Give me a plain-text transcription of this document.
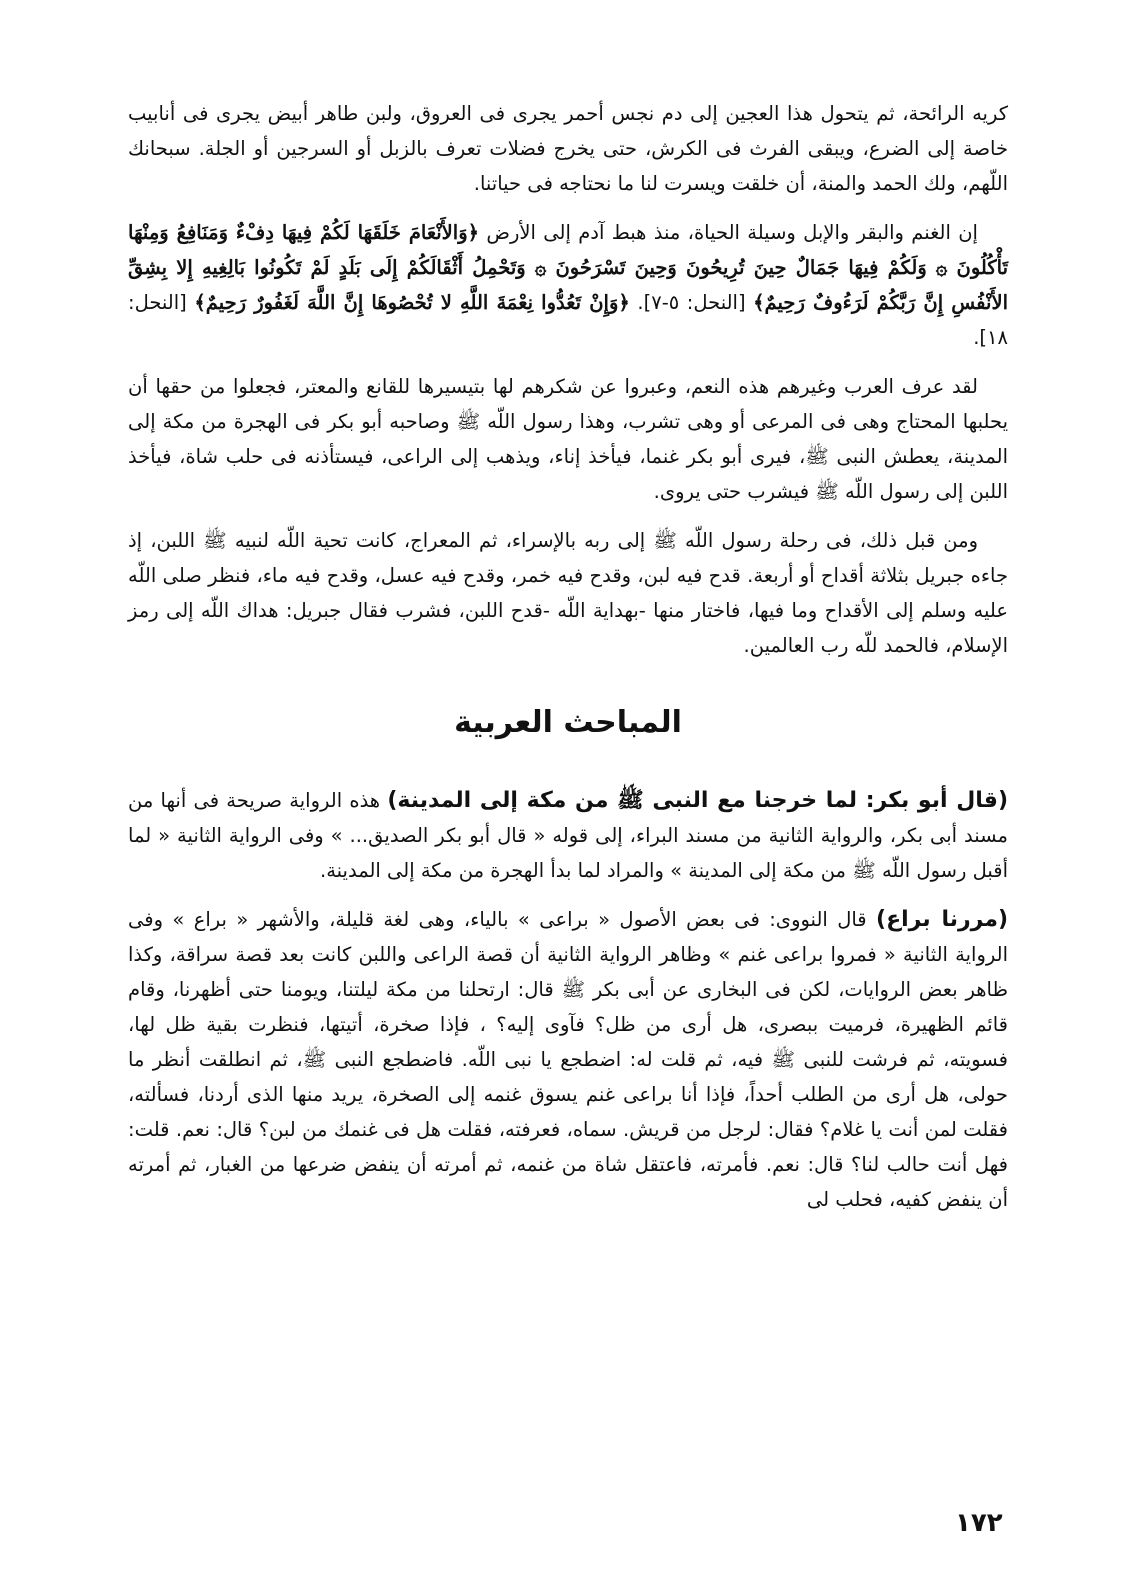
كريه الرائحة، ثم يتحول هذا العجين إلى دم نجس أحمر يجرى فى العروق، ولبن طاهر أبيض يجرى فى أنابيب خاصة إلى الضرع، ويبقى الفرث فى الكرش، حتى يخرج فضلات تعرف بالزبل أو السرجين أو الجلة. سبحانك اللّهم، ولك الحمد والمنة، أن خلقت ويسرت لنا ما نحتاجه فى حياتنا.

إن الغنم والبقر والإبل وسيلة الحياة، منذ هبط آدم إلى الأرض ﴿وَالأَنْعَامَ خَلَقَهَا لَكُمْ فِيهَا دِفْءٌ وَمَنَافِعُ وَمِنْهَا تَأْكُلُونَ ۞ وَلَكُمْ فِيهَا جَمَالٌ حِينَ تُرِيحُونَ وَحِينَ تَسْرَحُونَ ۞ وَتَحْمِلُ أَثْقَالَكُمْ إِلَى بَلَدٍ لَمْ تَكُونُوا بَالِغِيهِ إِلا بِشِقِّ الأَنْفُسِ إِنَّ رَبَّكُمْ لَرَءُوفٌ رَحِيمٌ﴾ [النحل: ٥-٧]. ﴿وَإِنْ تَعُدُّوا نِعْمَةَ اللَّهِ لا تُحْصُوهَا إِنَّ اللَّهَ لَغَفُورٌ رَحِيمٌ﴾ [النحل: ١٨].

لقد عرف العرب وغيرهم هذه النعم، وعبروا عن شكرهم لها بتيسيرها للقانع والمعتر، فجعلوا من حقها أن يحلبها المحتاج وهى فى المرعى أو وهى تشرب، وهذا رسول اللّه ﷺ وصاحبه أبو بكر فى الهجرة من مكة إلى المدينة، يعطش النبى ﷺ، فيرى أبو بكر غنما، فيأخذ إناء، ويذهب إلى الراعى، فيستأذنه فى حلب شاة، فيأخذ اللبن إلى رسول اللّه ﷺ فيشرب حتى يروى.

ومن قبل ذلك، فى رحلة رسول اللّه ﷺ إلى ربه بالإسراء، ثم المعراج، كانت تحية اللّه لنبيه ﷺ اللبن، إذ جاءه جبريل بثلاثة أقداح أو أربعة. قدح فيه لبن، وقدح فيه خمر، وقدح فيه عسل، وقدح فيه ماء، فنظر صلى اللّه عليه وسلم إلى الأقداح وما فيها، فاختار منها -بهداية اللّه -قدح اللبن، فشرب فقال جبريل: هداك اللّه إلى رمز الإسلام، فالحمد للّه رب العالمين.

المباحث العربية

(قال أبو بكر: لما خرجنا مع النبى ﷺ من مكة إلى المدينة) هذه الرواية صريحة فى أنها من مسند أبى بكر، والرواية الثانية من مسند البراء، إلى قوله « قال أبو بكر الصديق... » وفى الرواية الثانية « لما أقبل رسول اللّه ﷺ من مكة إلى المدينة » والمراد لما بدأ الهجرة من مكة إلى المدينة.

(مررنا براع) قال النووى: فى بعض الأصول « براعى » بالياء، وهى لغة قليلة، والأشهر « براع » وفى الرواية الثانية « فمروا براعى غنم » وظاهر الرواية الثانية أن قصة الراعى واللبن كانت بعد قصة سراقة، وكذا ظاهر بعض الروايات، لكن فى البخارى عن أبى بكر ﷺ قال: ارتحلنا من مكة ليلتنا، ويومنا حتى أظهرنا، وقام قائم الظهيرة، فرميت ببصرى، هل أرى من ظل؟ فآوى إليه؟ ، فإذا صخرة، أتيتها، فنظرت بقية ظل لها، فسويته، ثم فرشت للنبى ﷺ فيه، ثم قلت له: اضطجع يا نبى اللّه. فاضطجع النبى ﷺ، ثم انطلقت أنظر ما حولى، هل أرى من الطلب أحداً، فإذا أنا براعى غنم يسوق غنمه إلى الصخرة، يريد منها الذى أردنا، فسألته، فقلت لمن أنت يا غلام؟ فقال: لرجل من قريش. سماه، فعرفته، فقلت هل فى غنمك من لبن؟ قال: نعم. قلت: فهل أنت حالب لنا؟ قال: نعم. فأمرته، فاعتقل شاة من غنمه، ثم أمرته أن ينفض ضرعها من الغبار، ثم أمرته أن ينفض كفيه، فحلب لى

١٧٢
